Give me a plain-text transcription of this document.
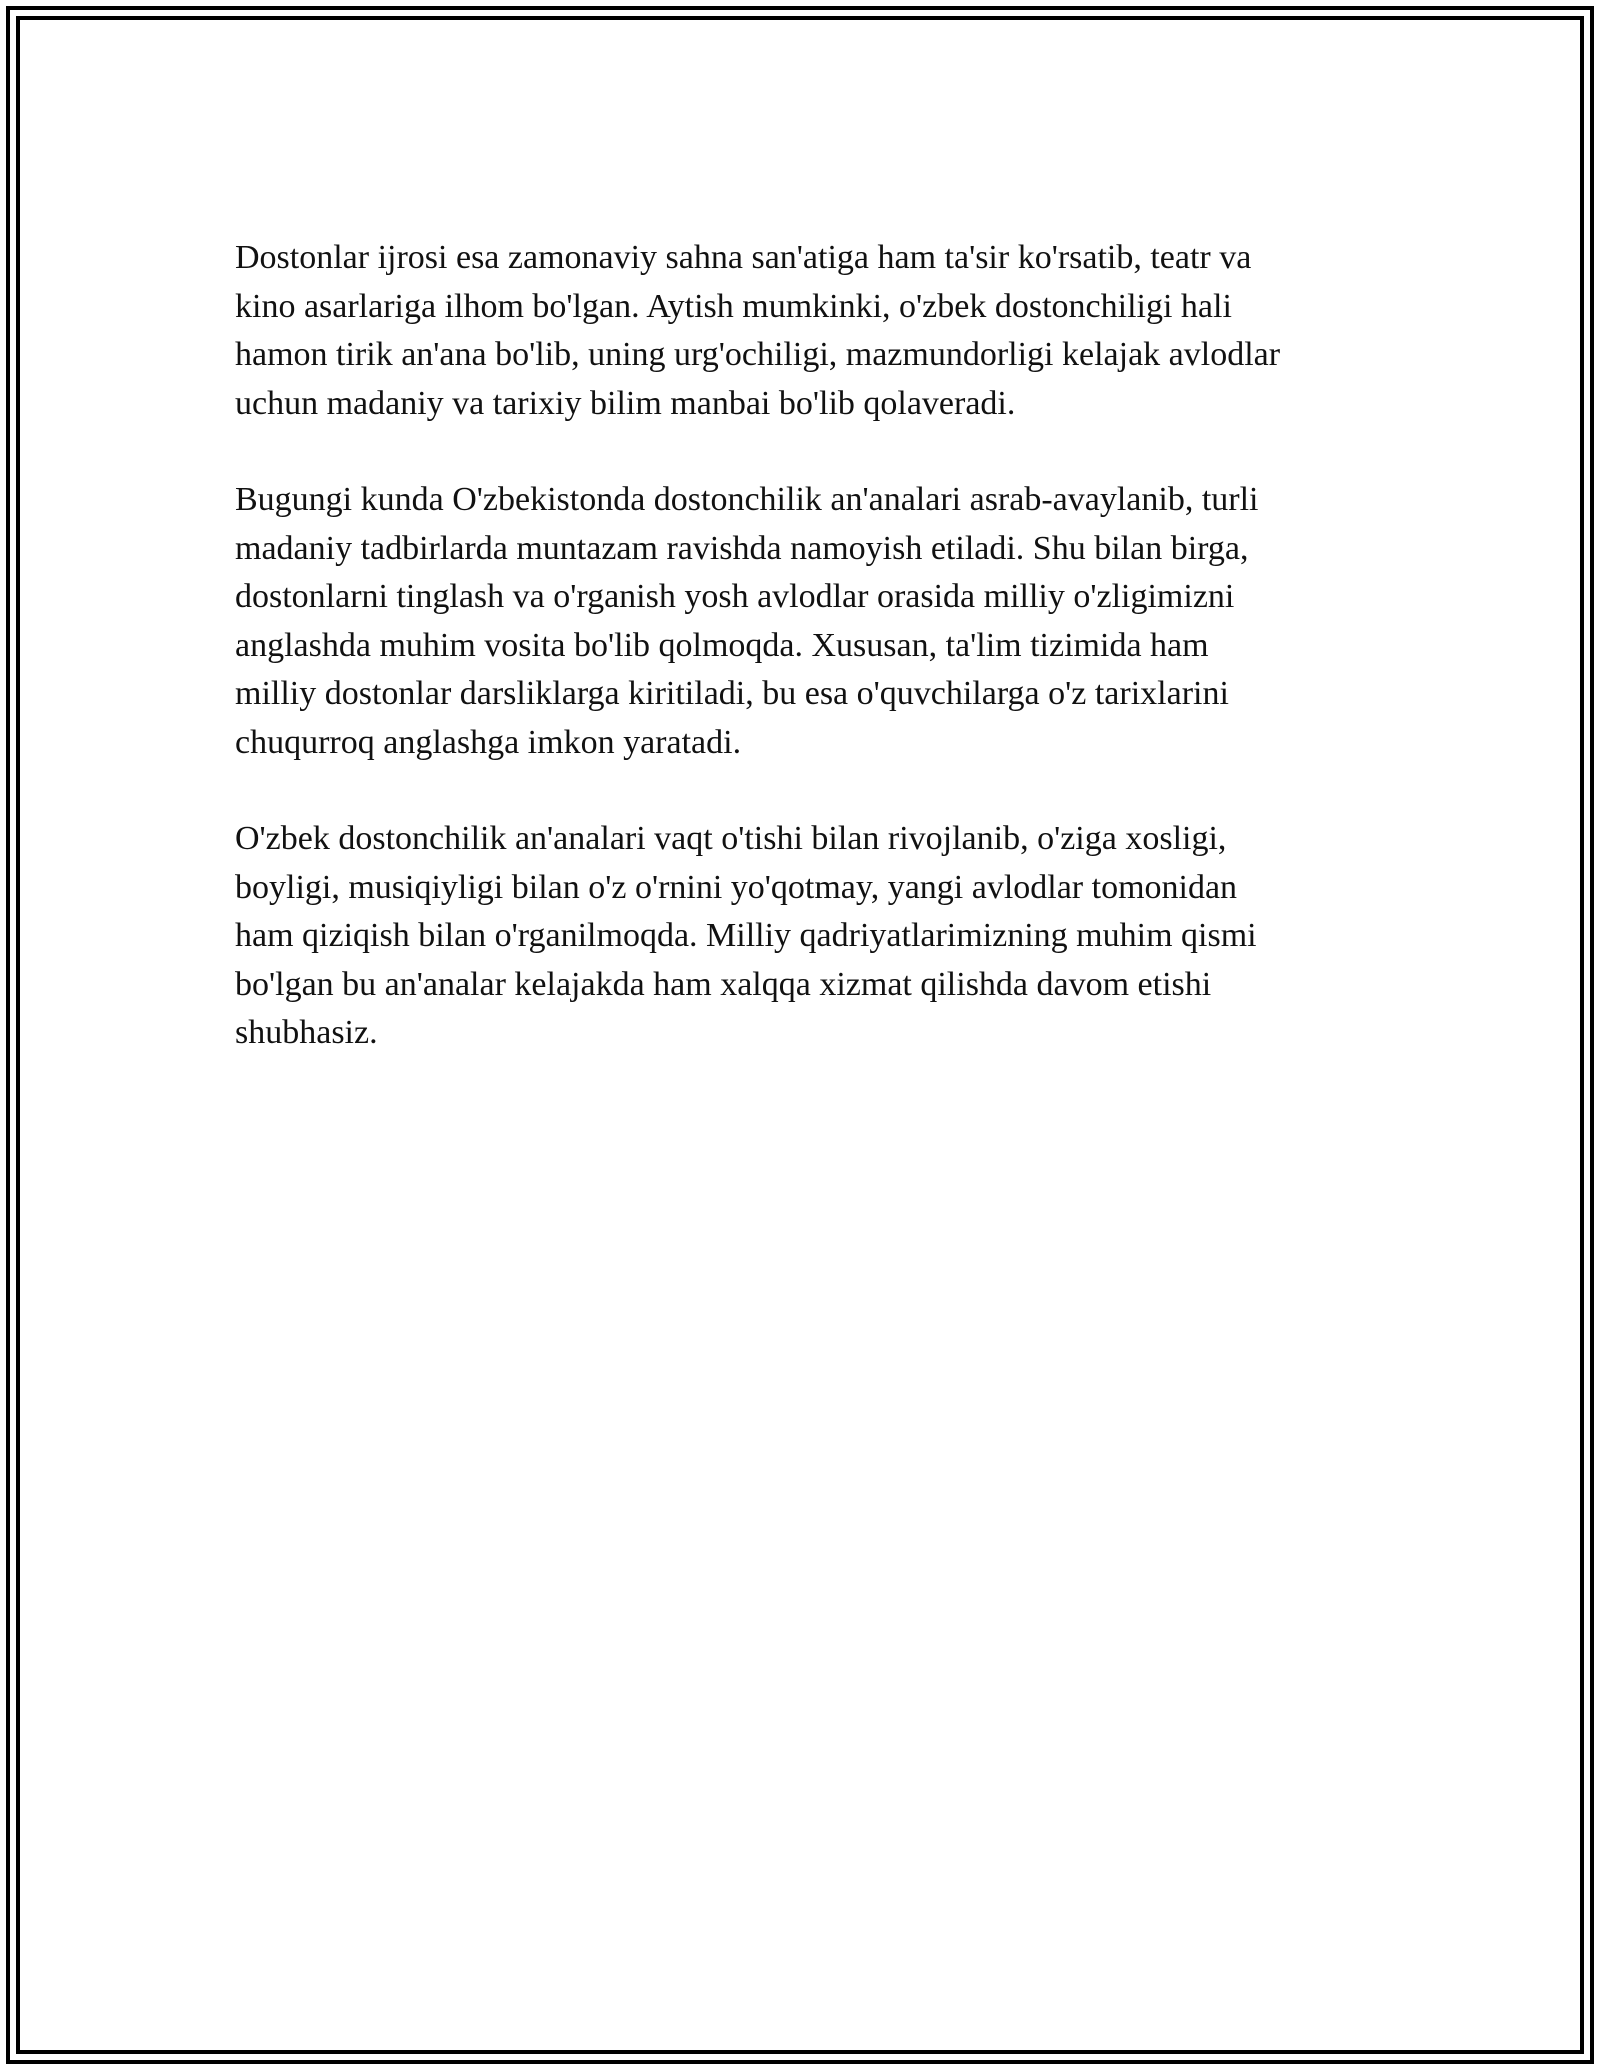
Dostonlar ijrosi esa zamonaviy sahna san'atiga ham ta'sir ko'rsatib, teatr va
kino asarlariga ilhom bo'lgan. Aytish mumkinki, o'zbek dostonchiligi hali
hamon tirik an'ana bo'lib, uning urg'ochiligi, mazmundorligi kelajak avlodlar
uchun madaniy va tarixiy bilim manbai bo'lib qolaveradi.

Bugungi kunda O'zbekistonda dostonchilik an'analari asrab-avaylanib, turli
madaniy tadbirlarda muntazam ravishda namoyish etiladi. Shu bilan birga,
dostonlarni tinglash va o'rganish yosh avlodlar orasida milliy o'zligimizni
anglashda muhim vosita bo'lib qolmoqda. Xususan, ta'lim tizimida ham
milliy dostonlar darsliklarga kiritiladi, bu esa o'quvchilarga o'z tarixlarini
chuqurroq anglashga imkon yaratadi.

O'zbek dostonchilik an'analari vaqt o'tishi bilan rivojlanib, o'ziga xosligi,
boyligi, musiqiyligi bilan o'z o'rnini yo'qotmay, yangi avlodlar tomonidan
ham qiziqish bilan o'rganilmoqda. Milliy qadriyatlarimizning muhim qismi
bo'lgan bu an'analar kelajakda ham xalqqa xizmat qilishda davom etishi
shubhasiz.
